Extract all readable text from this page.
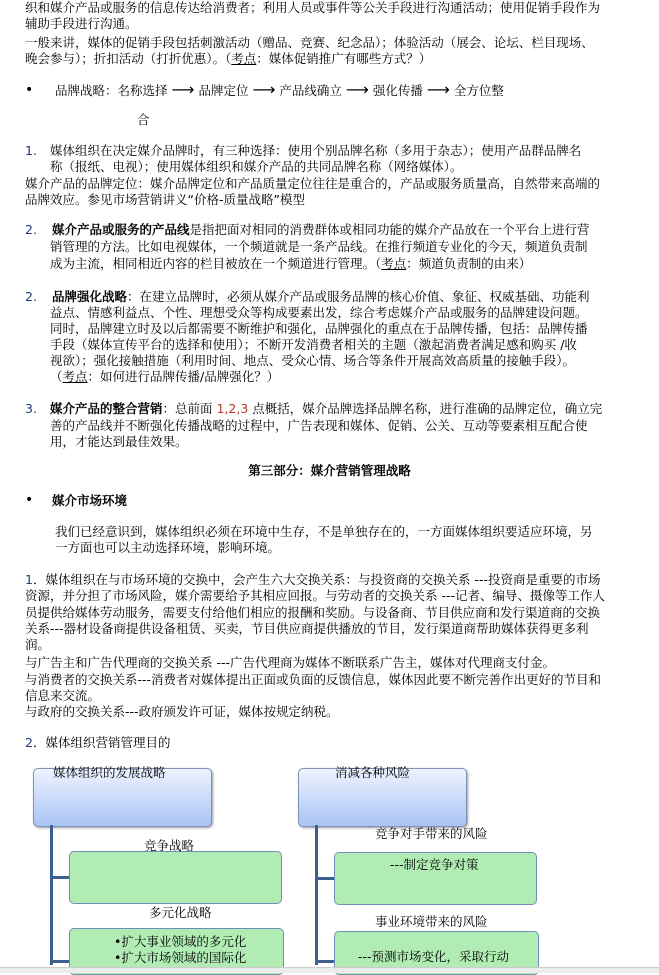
织和媒介产品或服务的信息传达给消费者；利用人员或事件等公关手段进行沟通活动；使用促销手段作为
辅助手段进行沟通。
一般来讲，媒体的促销手段包括刺激活动（赠品、竞赛、纪念品）；体验活动（展会、论坛、栏目现场、
晚会参与）；折扣活动（打折优惠）。（考点：媒体促销推广有哪些方式？）
• 品牌战略：名称选择 ⟶ 品牌定位 ⟶ 产品线确立 ⟶ 强化传播 ⟶ 全方位整
合
1. 媒体组织在决定媒介品牌时，有三种选择：使用个别品牌名称（多用于杂志）；使用产品群品牌名
称（报纸、电视）；使用媒体组织和媒介产品的共同品牌名称（网络媒体）。
媒介产品的品牌定位：媒介品牌定位和产品质量定位往往是重合的，产品或服务质量高，自然带来高端的
品牌效应。参见市场营销讲义“价格-质量战略”模型
2. 媒介产品或服务的产品线是指把面对相同的消费群体或相同功能的媒介产品放在一个平台上进行营
销管理的方法。比如电视媒体，一个频道就是一条产品线。在推行频道专业化的今天，频道负责制
成为主流，相同相近内容的栏目被放在一个频道进行管理。（考点：频道负责制的由来）
2. 品牌强化战略：在建立品牌时，必须从媒介产品或服务品牌的核心价值、象征、权威基础、功能利
益点、情感利益点、个性、理想受众等构成要素出发，综合考虑媒介产品或服务的品牌建设问题。
同时，品牌建立时及以后都需要不断维护和强化，品牌强化的重点在于品牌传播，包括：品牌传播
手段（媒体宣传平台的选择和使用）；不断开发消费者相关的主题（激起消费者满足感和购买 /收
视欲）；强化接触措施（利用时间、地点、受众心情、场合等条件开展高效高质量的接触手段）。
（考点：如何进行品牌传播/品牌强化？）
3. 媒介产品的整合营销：总前面 1,2,3 点概括，媒介品牌选择品牌名称，进行准确的品牌定位，确立完
善的产品线并不断强化传播战略的过程中，广告表现和媒体、促销、公关、互动等要素相互配合使
用，才能达到最佳效果。
第三部分：媒介营销管理战略
• 媒介市场环境
我们已经意识到，媒体组织必须在环境中生存，不是单独存在的，一方面媒体组织要适应环境，另
一方面也可以主动选择环境，影响环境。
1．媒体组织在与市场环境的交换中，会产生六大交换关系：与投资商的交换关系 ---投资商是重要的市场
资源，并分担了市场风险，媒介需要给予其相应回报。与劳动者的交换关系 ---记者、编导、摄像等工作人
员提供给媒体劳动服务，需要支付给他们相应的报酬和奖励。与设备商、节目供应商和发行渠道商的交换
关系---器材设备商提供设备租赁、买卖，节目供应商提供播放的节目，发行渠道商帮助媒体获得更多利
润。
与广告主和广告代理商的交换关系 ---广告代理商为媒体不断联系广告主，媒体对代理商支付金。
与消费者的交换关系---消费者对媒体提出正面或负面的反馈信息，媒体因此要不断完善作出更好的节目和
信息来交流。
与政府的交换关系---政府颁发许可证，媒体按规定纳税。
2．媒体组织营销管理目的
媒体组织的发展战略
竞争战略
多元化战略
•扩大事业领域的多元化
•扩大市场领域的国际化
消减各种风险
竞争对手带来的风险
---制定竞争对策
事业环境带来的风险
---预测市场变化，采取行动
